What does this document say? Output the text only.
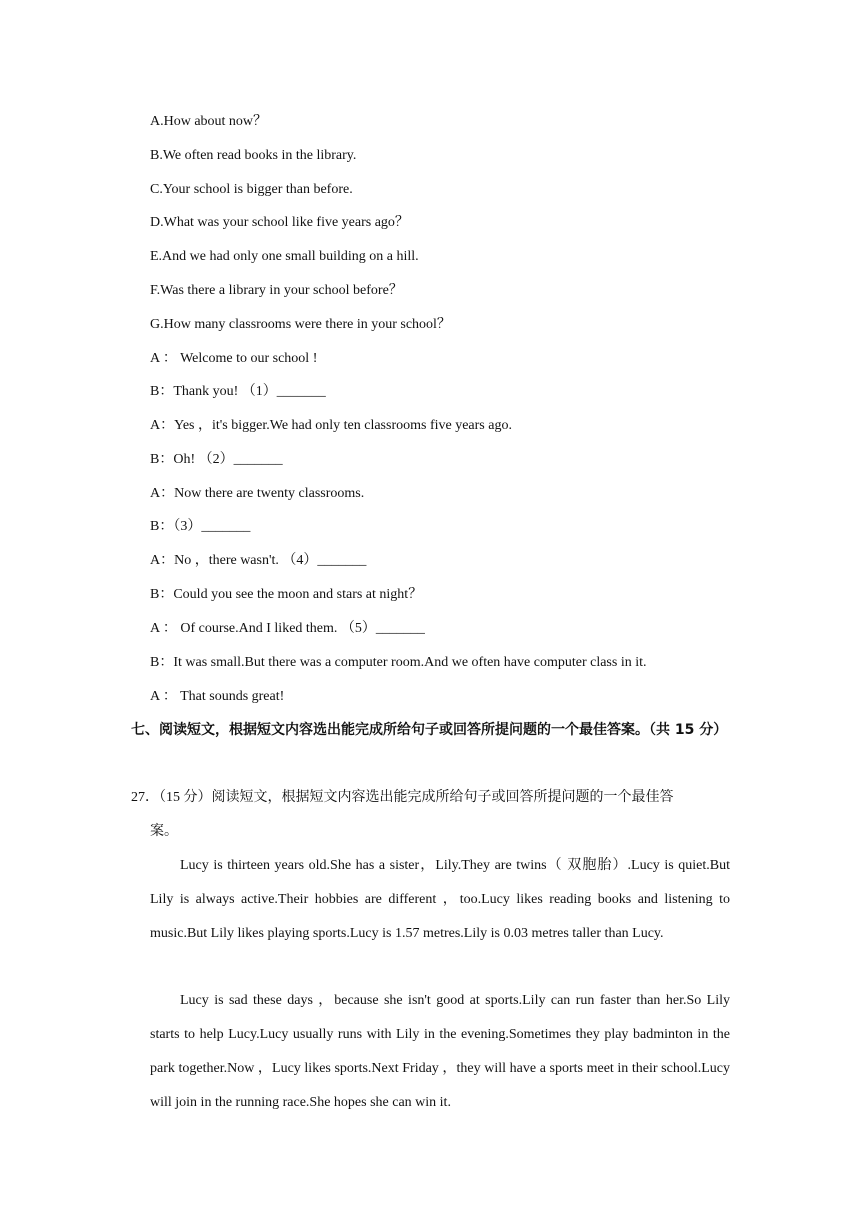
A.How about now？
B.We often read books in the library.
C.Your school is bigger than before.
D.What was your school like five years ago？
E.And we had only one small building on a hill.
F.Was there a library in your school before？
G.How many classrooms were there in your school？
A ： Welcome to our school !
B：Thank you! （1）_______
A：Yes ，it's bigger.We had only ten classrooms five years ago.
B：Oh! （2）_______
A：Now there are twenty classrooms.
B：（3）_______
A：No ，there wasn't. （4）_______
B：Could you see the moon and stars at night？
A ： Of course.And I liked them. （5）_______
B：It was small.But there was a computer room.And we often have computer class in it.
A ： That sounds great!
七、阅读短文，根据短文内容选出能完成所给句子或回答所提问题的一个最佳答案。（共 15 分）
27．（15 分）阅读短文，根据短文内容选出能完成所给句子或回答所提问题的一个最佳答
案。

Lucy is thirteen years old.She has a sister，Lily.They are twins（ 双胞胎）.Lucy is quiet.But Lily is always active.Their hobbies are different ，too.Lucy likes reading books and listening to music.But Lily likes playing sports.Lucy is 1.57 metres.Lily is 0.03 metres taller than Lucy.

Lucy is sad these days ，because she isn't good at sports.Lily can run faster than her.So Lily starts to help Lucy.Lucy usually runs with Lily in the evening.Sometimes they play badminton in the park together.Now ，Lucy likes sports.Next Friday ，they will have a sports meet in their school.Lucy will join in the running race.She hopes she can win it.
